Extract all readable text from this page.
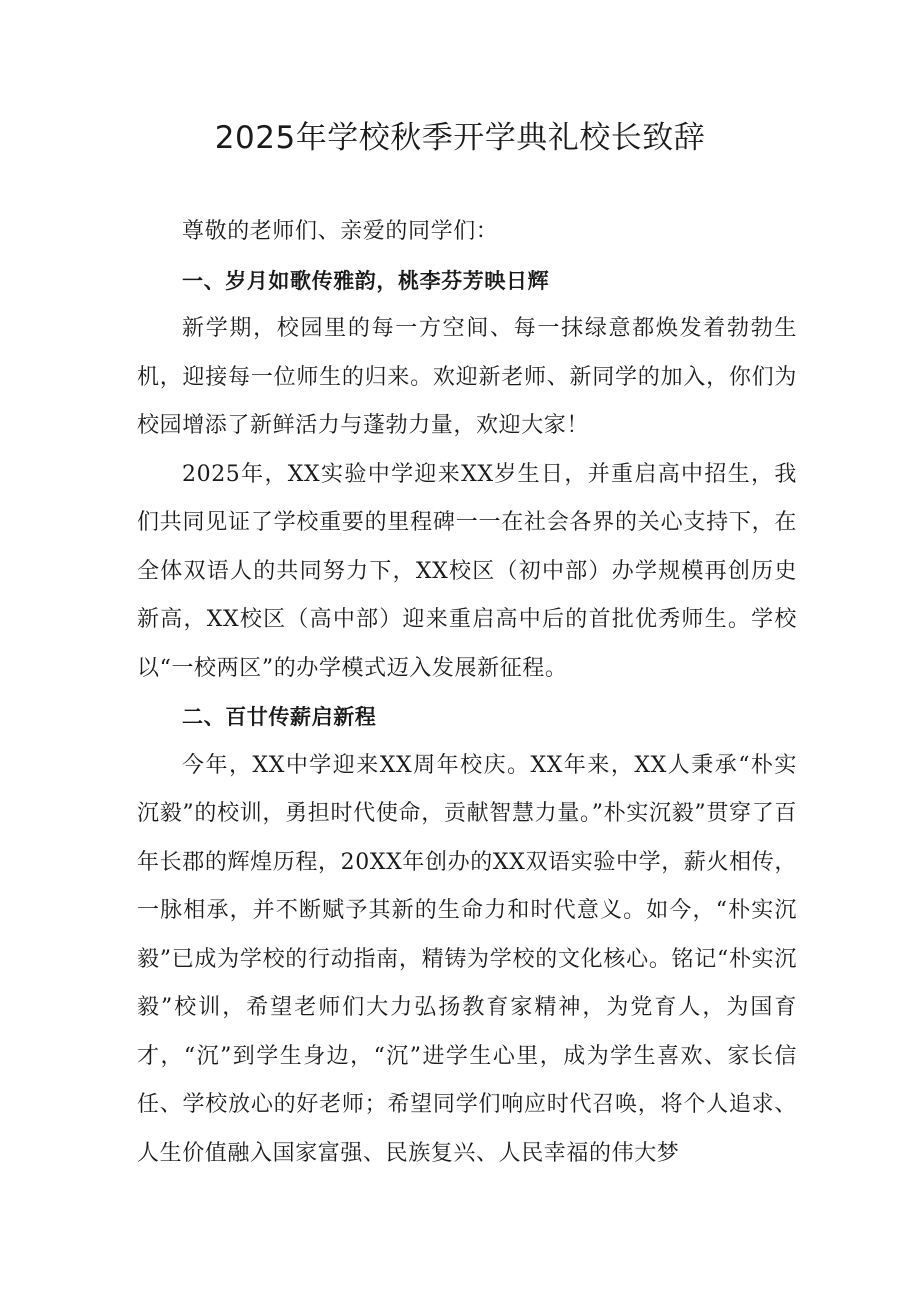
2025年学校秋季开学典礼校长致辞

尊敬的老师们、亲爱的同学们：

一、岁月如歌传雅韵，桃李芬芳映日辉

新学期，校园里的每一方空间、每一抹绿意都焕发着勃勃生机，迎接每一位师生的归来。欢迎新老师、新同学的加入，你们为校园增添了新鲜活力与蓬勃力量，欢迎大家！

2025年，XX实验中学迎来XX岁生日，并重启高中招生，我们共同见证了学校重要的里程碑一一在社会各界的关心支持下，在全体双语人的共同努力下，XX校区（初中部）办学规模再创历史新高，XX校区（高中部）迎来重启高中后的首批优秀师生。学校以“一校两区”的办学模式迈入发展新征程。

二、百廿传薪启新程

今年，XX中学迎来XX周年校庆。XX年来，XX人秉承“朴实沉毅”的校训，勇担时代使命，贡献智慧力量。”朴实沉毅”贯穿了百年长郡的辉煌历程，20XX年创办的XX双语实验中学，薪火相传，一脉相承，并不断赋予其新的生命力和时代意义。如今，“朴实沉毅”已成为学校的行动指南，精铸为学校的文化核心。铭记“朴实沉毅”校训，希望老师们大力弘扬教育家精神，为党育人，为国育才，“沉”到学生身边，“沉”进学生心里，成为学生喜欢、家长信任、学校放心的好老师；希望同学们响应时代召唤，将个人追求、人生价值融入国家富强、民族复兴、人民幸福的伟大梦
